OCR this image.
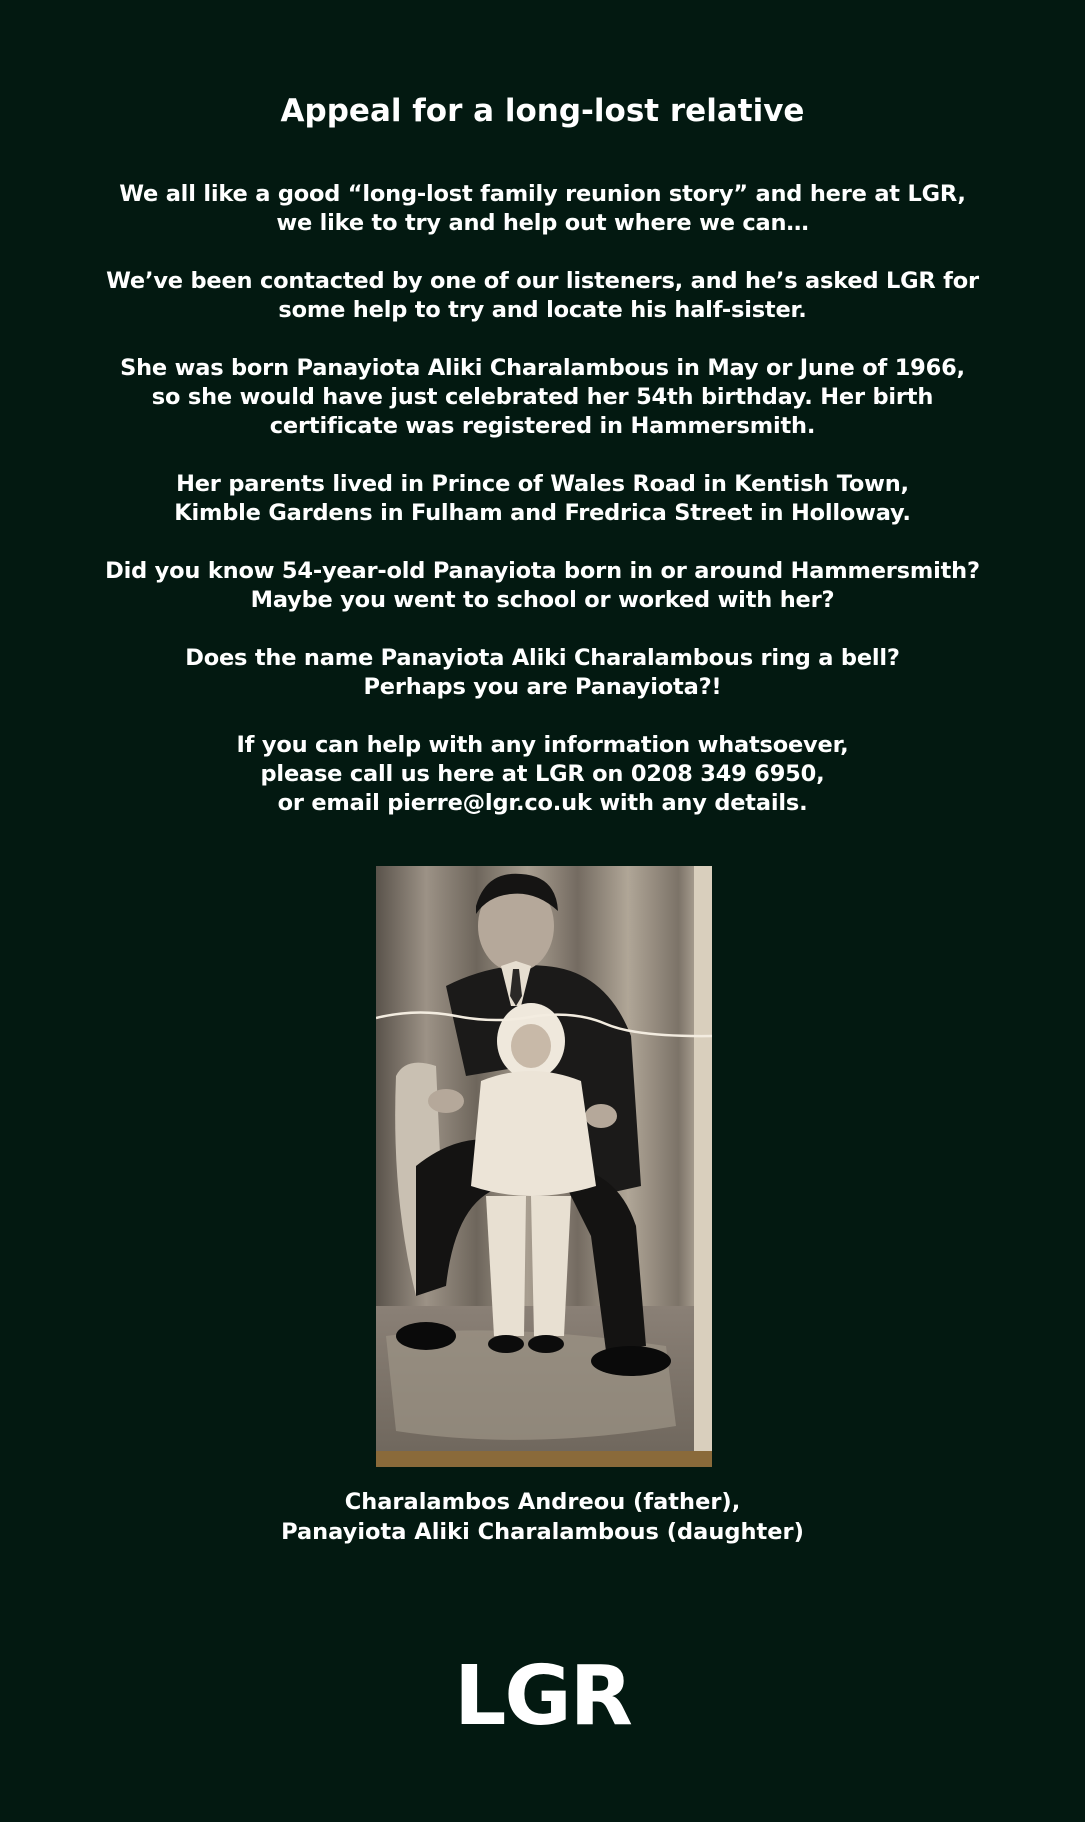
Appeal for a long-lost relative
We all like a good “long-lost family reunion story” and here at LGR,
we like to try and help out where we can…
We’ve been contacted by one of our listeners, and he’s asked LGR for
some help to try and locate his half-sister.
She was born Panayiota Aliki Charalambous in May or June of 1966,
so she would have just celebrated her 54th birthday. Her birth
certificate was registered in Hammersmith.
Her parents lived in Prince of Wales Road in Kentish Town,
Kimble Gardens in Fulham and Fredrica Street in Holloway.
Did you know 54-year-old Panayiota born in or around Hammersmith?
Maybe you went to school or worked with her?
Does the name Panayiota Aliki Charalambous ring a bell?
Perhaps you are Panayiota?!
If you can help with any information whatsoever,
please call us here at LGR on 0208 349 6950,
or email pierre@lgr.co.uk with any details.
Charalambos Andreou (father),
Panayiota Aliki Charalambous (daughter)
LGR
